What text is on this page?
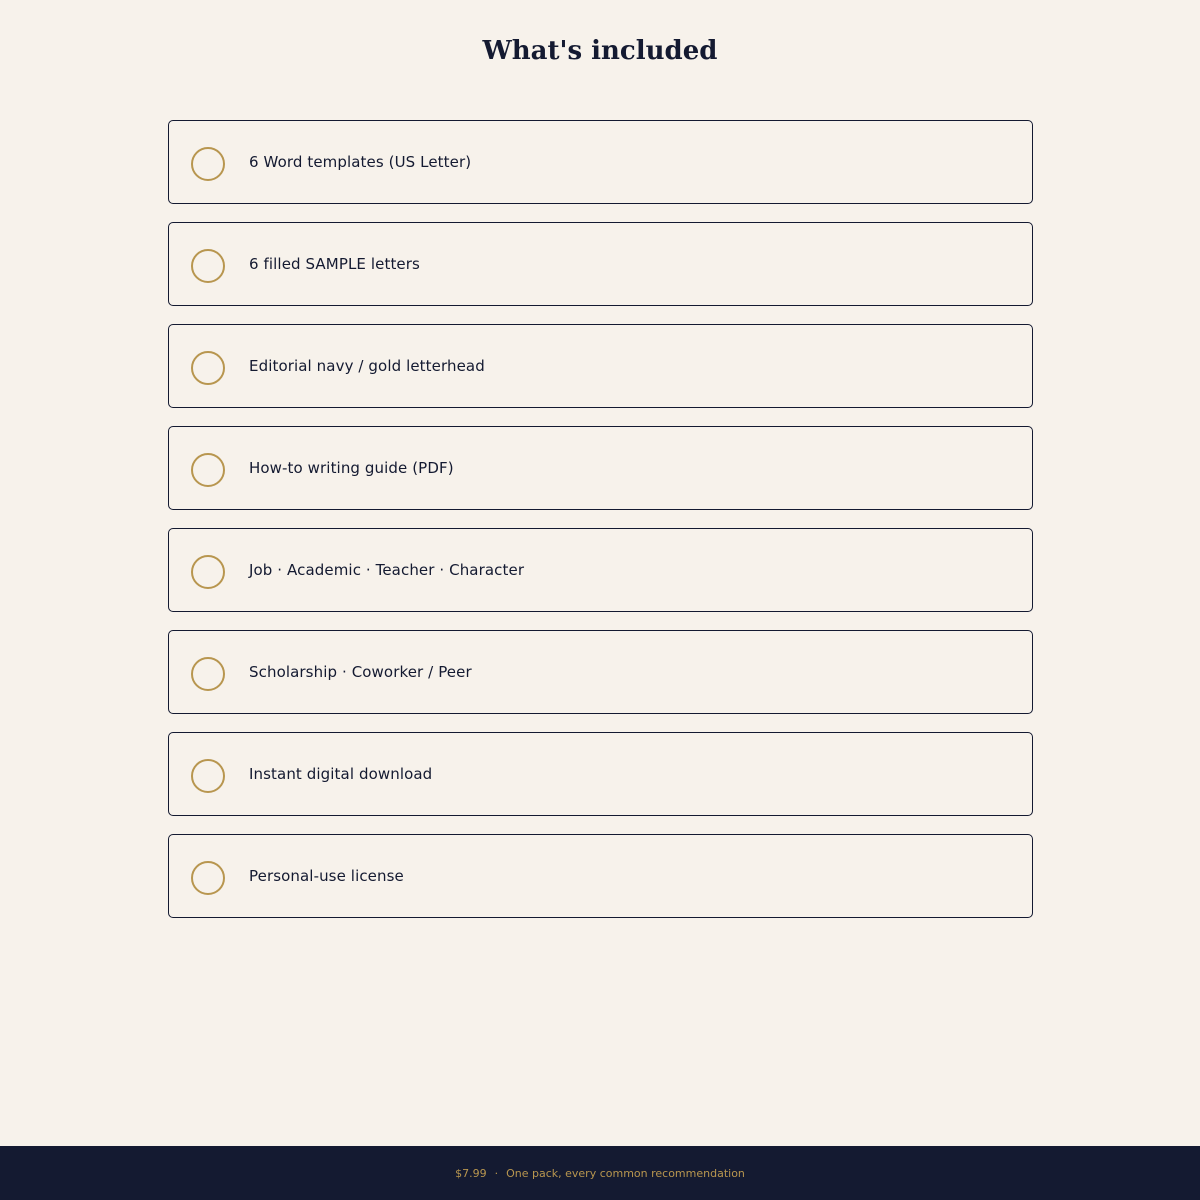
What's included
6 Word templates (US Letter)
6 filled SAMPLE letters
Editorial navy / gold letterhead
How-to writing guide (PDF)
Job · Academic · Teacher · Character
Scholarship · Coworker / Peer
Instant digital download
Personal-use license
$7.99 · One pack, every common recommendation
